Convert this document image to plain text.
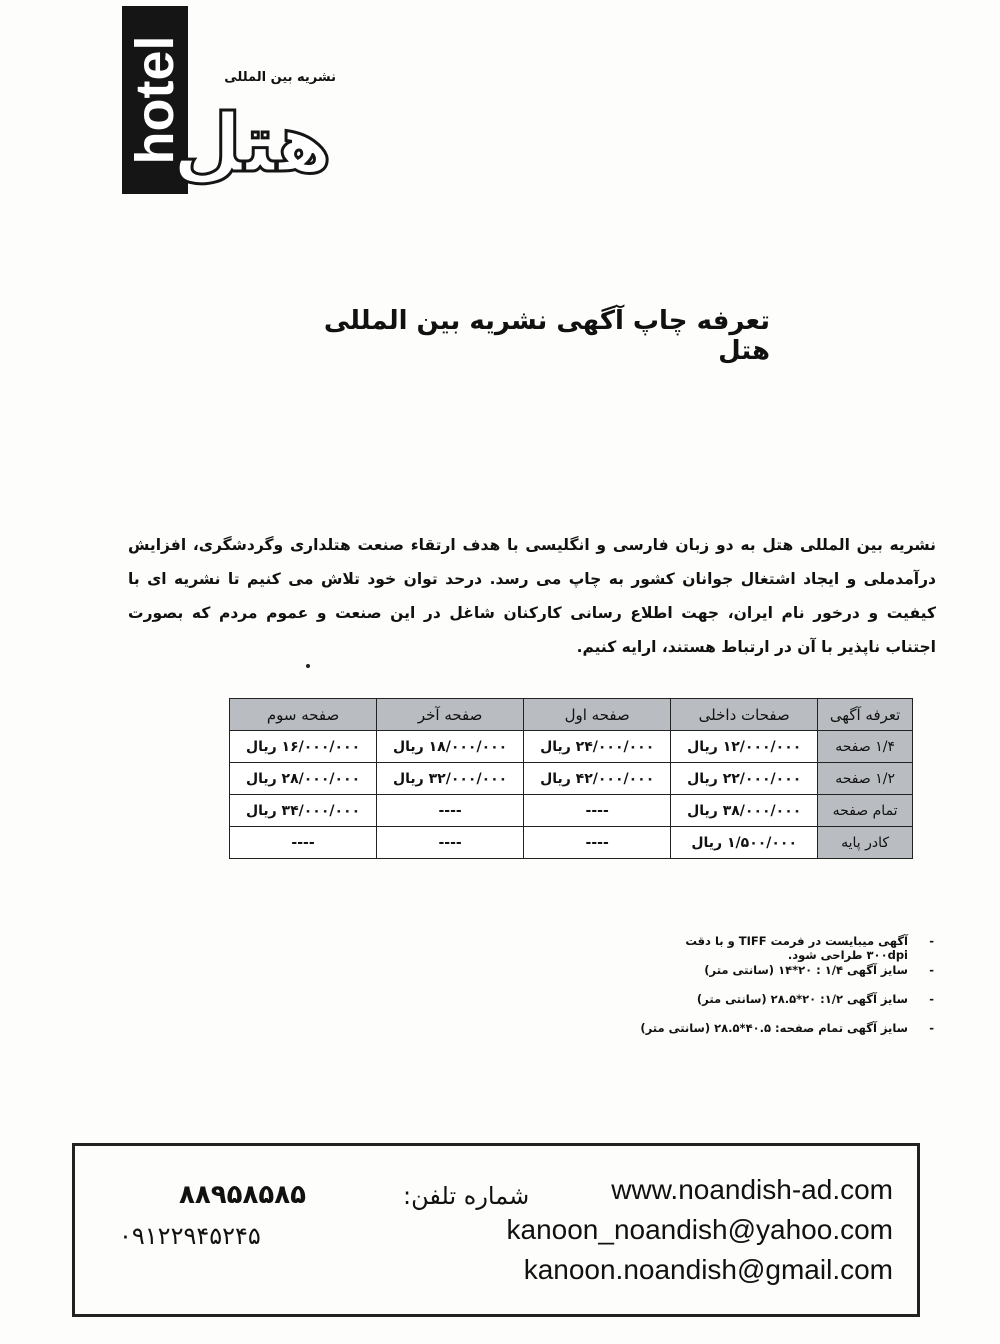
hotel	نشریه بین المللی
هتل
تعرفه چاپ آگهی نشریه بین المللی هتل
نشریه بین المللی هتل به دو زبان فارسی و انگلیسی با هدف ارتقاء صنعت هتلداری وگردشگری، افزایش درآمدملی و ایجاد اشتغال جوانان کشور به چاپ می رسد. درحد توان خود تلاش می کنیم تا نشریه ای با کیفیت و درخور نام ایران، جهت اطلاع رسانی کارکنان شاغل در این صنعت و عموم مردم که بصورت اجتناب ناپذیر با آن در ارتباط هستند، ارایه کنیم.
تعرفه آگهی	صفحات داخلی	صفحه اول	صفحه آخر	صفحه سوم
۱/۴ صفحه	۱۲/۰۰۰/۰۰۰ ریال	۲۴/۰۰۰/۰۰۰ ریال	۱۸/۰۰۰/۰۰۰ ریال	۱۶/۰۰۰/۰۰۰ ریال
۱/۲ صفحه	۲۲/۰۰۰/۰۰۰ ریال	۴۲/۰۰۰/۰۰۰ ریال	۳۲/۰۰۰/۰۰۰ ریال	۲۸/۰۰۰/۰۰۰ ریال
تمام صفحه	۳۸/۰۰۰/۰۰۰ ریال	----	----	۳۴/۰۰۰/۰۰۰ ریال
کادر پایه	۱/۵۰۰/۰۰۰ ریال	----	----	----
- آگهی میبایست در فرمت TIFF و با دقت ۳۰۰dpi طراحی شود.
- سایز آگهی ۱/۴ : ۲۰*۱۴ (سانتی متر)
- سایز آگهی ۱/۲: ۲۰*۲۸.۵ (سانتی متر)
- سایز آگهی تمام صفحه: ۴۰.۵*۲۸.۵ (سانتی متر)
شماره تلفن:
۸۸۹۵۸۵۸۵
۰۹۱۲۲۹۴۵۲۴۵
www.noandish-ad.com
kanoon_noandish@yahoo.com
kanoon.noandish@gmail.com
